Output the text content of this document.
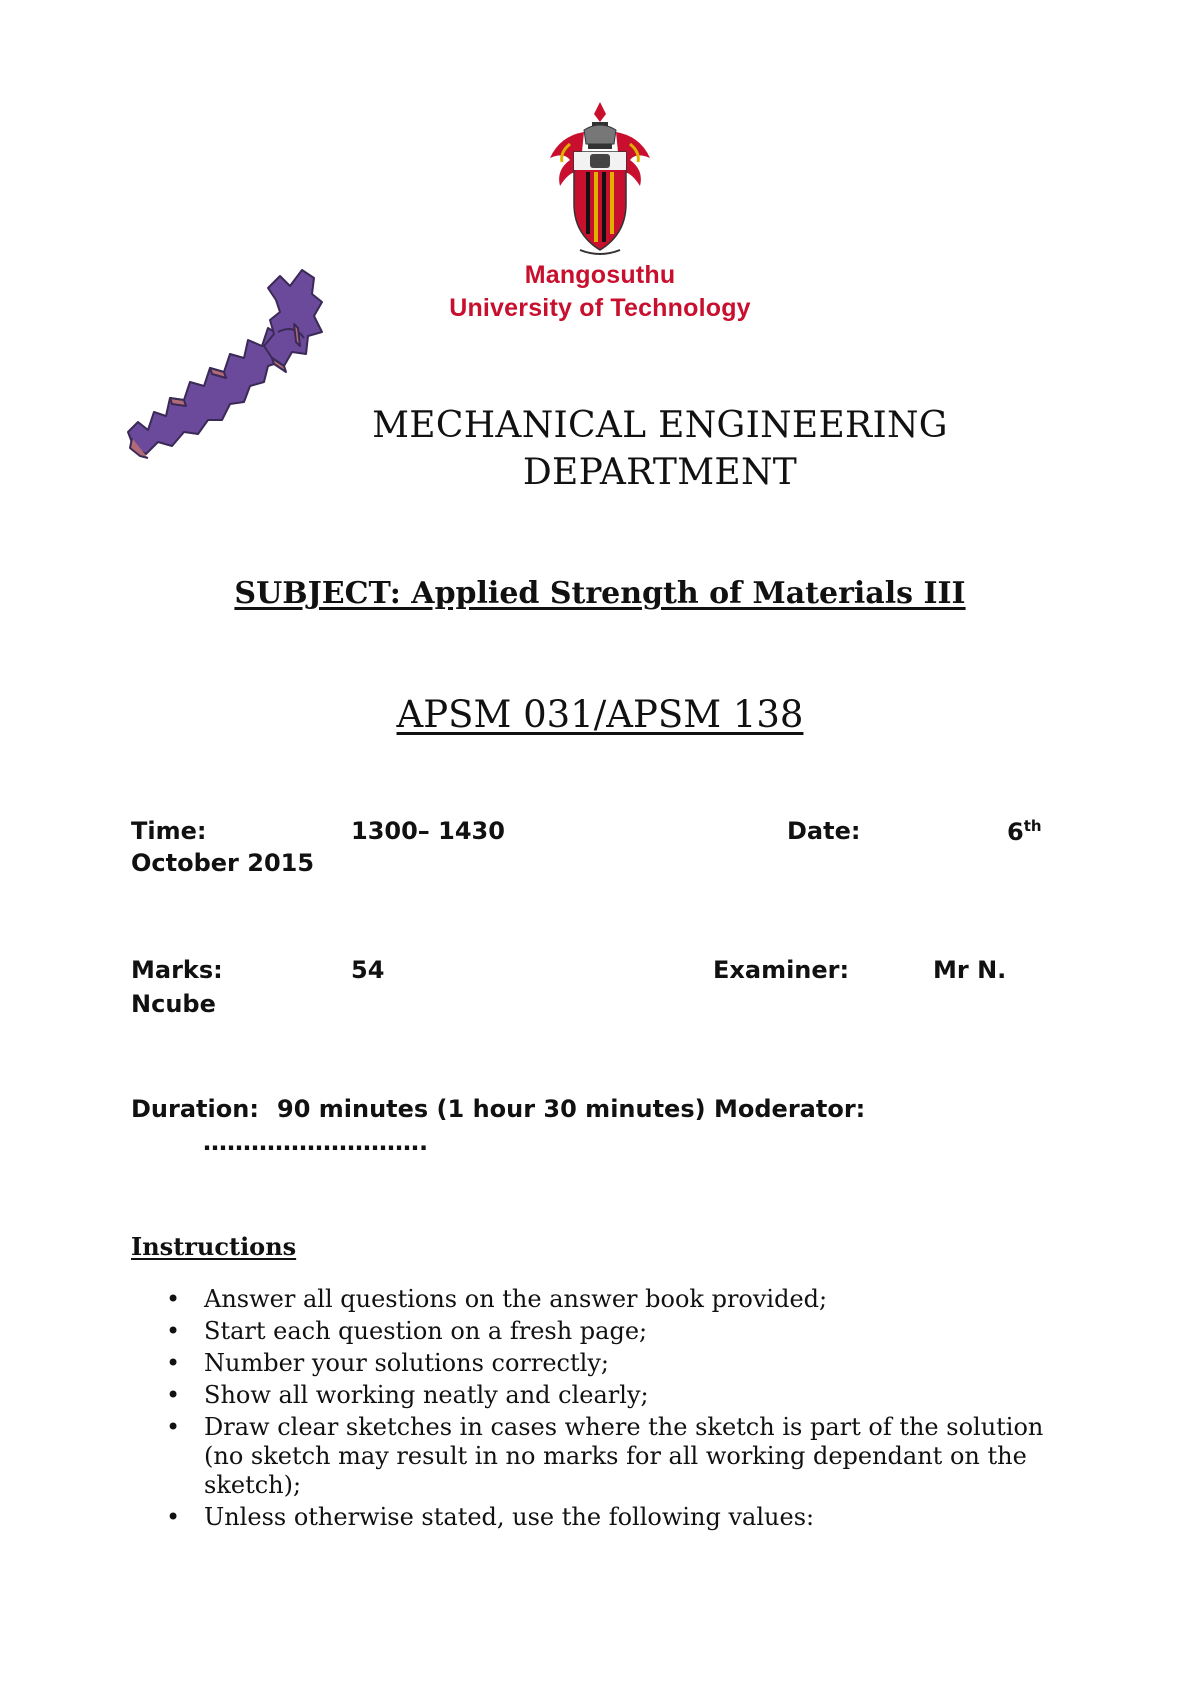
Mangosuthu
University of Technology
MECHANICAL ENGINEERING
DEPARTMENT
SUBJECT: Applied Strength of Materials III
APSM 031/APSM 138
Time:	1300– 1430	Date:	6th
October 2015
Marks:	54	Examiner:	Mr N.
Ncube
Duration: 90 minutes (1 hour 30 minutes) Moderator:
……………………….
Instructions
• Answer all questions on the answer book provided;
• Start each question on a fresh page;
• Number your solutions correctly;
• Show all working neatly and clearly;
• Draw clear sketches in cases where the sketch is part of the solution (no sketch may result in no marks for all working dependant on the sketch);
• Unless otherwise stated, use the following values:
